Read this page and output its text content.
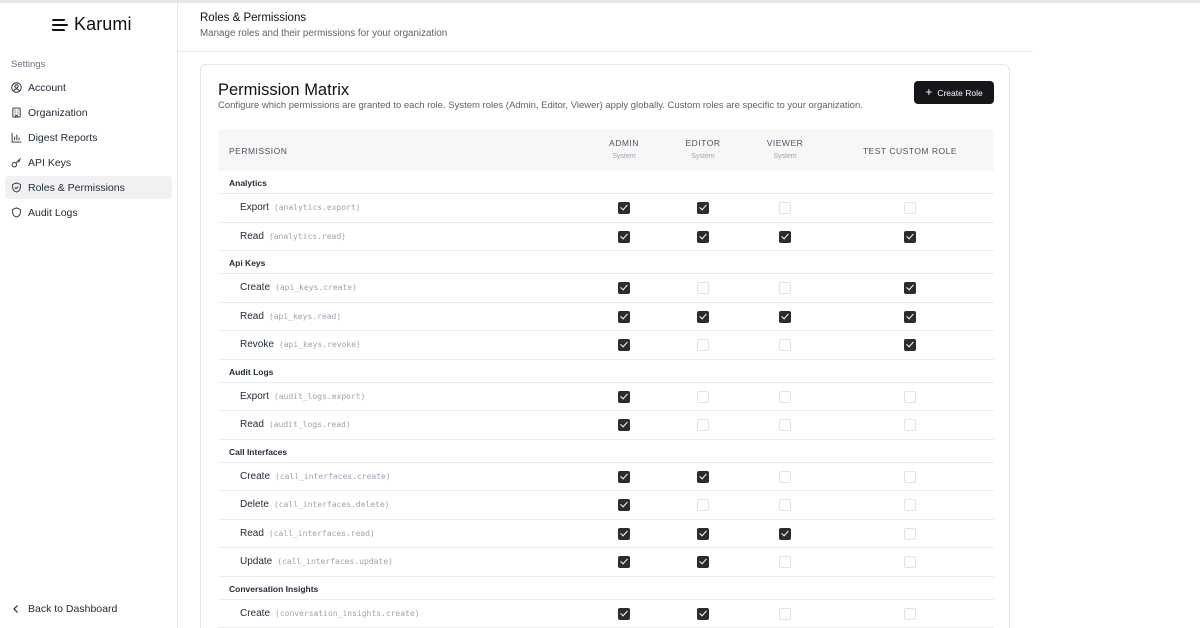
Karumi
Settings
Account
Organization
Digest Reports
API Keys
Roles & Permissions
Audit Logs
Back to Dashboard
Roles & Permissions
Manage roles and their permissions for your organization
Permission Matrix
Configure which permissions are granted to each role. System roles (Admin, Editor, Viewer) apply globally. Custom roles are specific to your organization.
+ Create Role
PERMISSION
ADMIN
System
EDITOR
System
VIEWER
System
TEST CUSTOM ROLE
Analytics
Export (analytics.export)
Read (analytics.read)
Api Keys
Create (api_keys.create)
Read (api_keys.read)
Revoke (api_keys.revoke)
Audit Logs
Export (audit_logs.export)
Read (audit_logs.read)
Call Interfaces
Create (call_interfaces.create)
Delete (call_interfaces.delete)
Read (call_interfaces.read)
Update (call_interfaces.update)
Conversation Insights
Create (conversation_insights.create)
